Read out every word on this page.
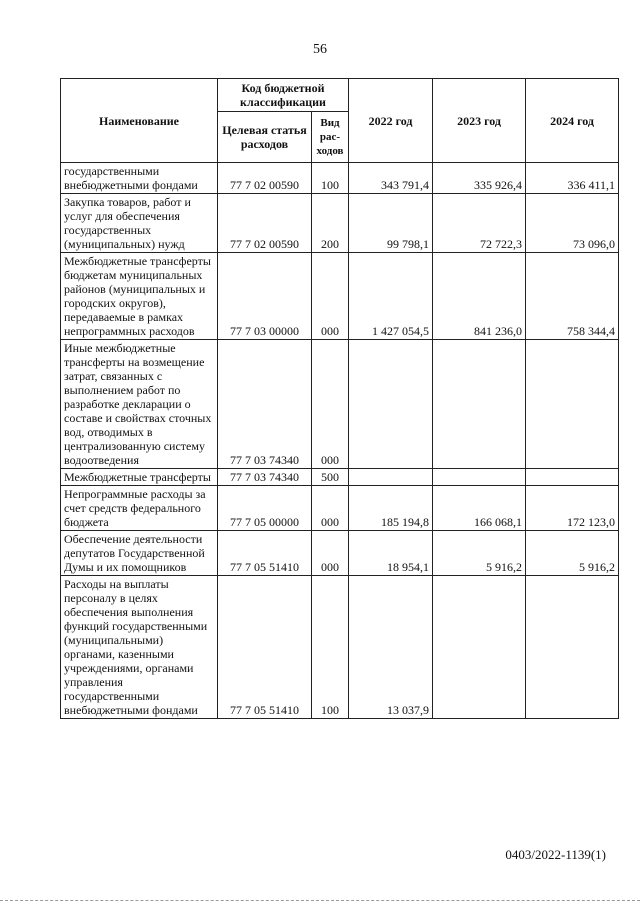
56
Наименование	Код бюджетной классификации		2022 год	2023 год	2024 год
	Целевая статья расходов	Вид рас-ходов			
государственными внебюджетными фондами	77 7 02 00590	100	343 791,4	335 926,4	336 411,1
Закупка товаров, работ и услуг для обеспечения государственных (муниципальных) нужд	77 7 02 00590	200	99 798,1	72 722,3	73 096,0
Межбюджетные трансферты бюджетам муниципальных районов (муниципальных и городских округов), передаваемые в рамках непрограммных расходов	77 7 03 00000	000	1 427 054,5	841 236,0	758 344,4
Иные межбюджетные трансферты на возмещение затрат, связанных с выполнением работ по разработке декларации о составе и свойствах сточных вод, отводимых в централизованную систему водоотведения	77 7 03 74340	000			
Межбюджетные трансферты	77 7 03 74340	500			
Непрограммные расходы за счет средств федерального бюджета	77 7 05 00000	000	185 194,8	166 068,1	172 123,0
Обеспечение деятельности депутатов Государственной Думы и их помощников	77 7 05 51410	000	18 954,1	5 916,2	5 916,2
Расходы на выплаты персоналу в целях обеспечения выполнения функций государственными (муниципальными) органами, казенными учреждениями, органами управления государственными внебюджетными фондами	77 7 05 51410	100	13 037,9		
0403/2022-1139(1)
